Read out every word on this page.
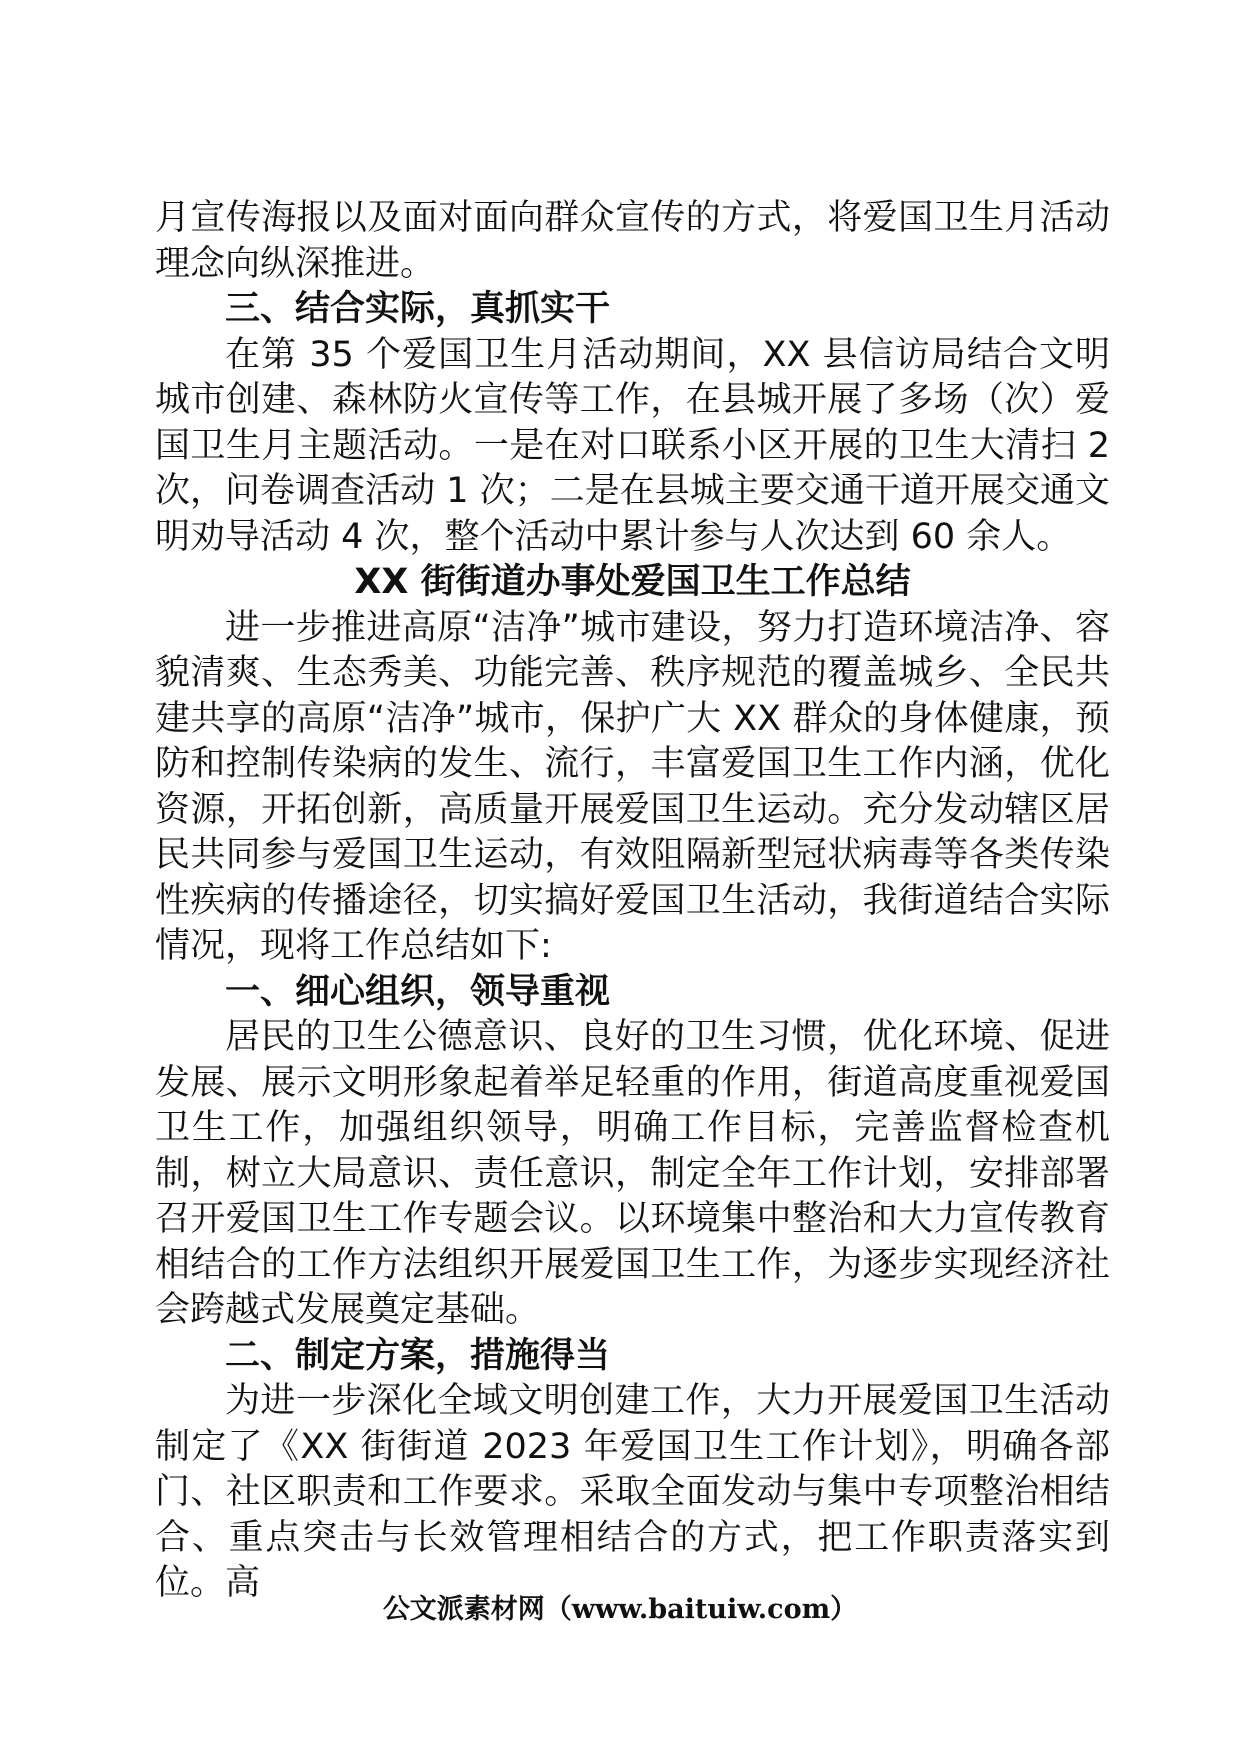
月宣传海报以及面对面向群众宣传的方式，将爱国卫生月活动理念向纵深推进。

三、结合实际，真抓实干

在第 35 个爱国卫生月活动期间，XX 县信访局结合文明城市创建、森林防火宣传等工作，在县城开展了多场（次）爱国卫生月主题活动。一是在对口联系小区开展的卫生大清扫 2 次，问卷调查活动 1 次；二是在县城主要交通干道开展交通文明劝导活动 4 次，整个活动中累计参与人次达到 60 余人。

XX 街街道办事处爱国卫生工作总结

进一步推进高原“洁净”城市建设，努力打造环境洁净、容貌清爽、生态秀美、功能完善、秩序规范的覆盖城乡、全民共建共享的高原“洁净”城市，保护广大 XX 群众的身体健康，预防和控制传染病的发生、流行，丰富爱国卫生工作内涵，优化资源，开拓创新，高质量开展爱国卫生运动。充分发动辖区居民共同参与爱国卫生运动，有效阻隔新型冠状病毒等各类传染性疾病的传播途径，切实搞好爱国卫生活动，我街道结合实际情况，现将工作总结如下:

一、细心组织，领导重视

居民的卫生公德意识、良好的卫生习惯，优化环境、促进发展、展示文明形象起着举足轻重的作用，街道高度重视爱国卫生工作，加强组织领导，明确工作目标，完善监督检查机制，树立大局意识、责任意识，制定全年工作计划，安排部署召开爱国卫生工作专题会议。以环境集中整治和大力宣传教育相结合的工作方法组织开展爱国卫生工作，为逐步实现经济社会跨越式发展奠定基础。

二、制定方案，措施得当

为进一步深化全域文明创建工作，大力开展爱国卫生活动制定了《XX 街街道 2023 年爱国卫生工作计划》，明确各部门、社区职责和工作要求。采取全面发动与集中专项整治相结合、重点突击与长效管理相结合的方式，把工作职责落实到位。高

公文派素材网（www.baituiw.com）
